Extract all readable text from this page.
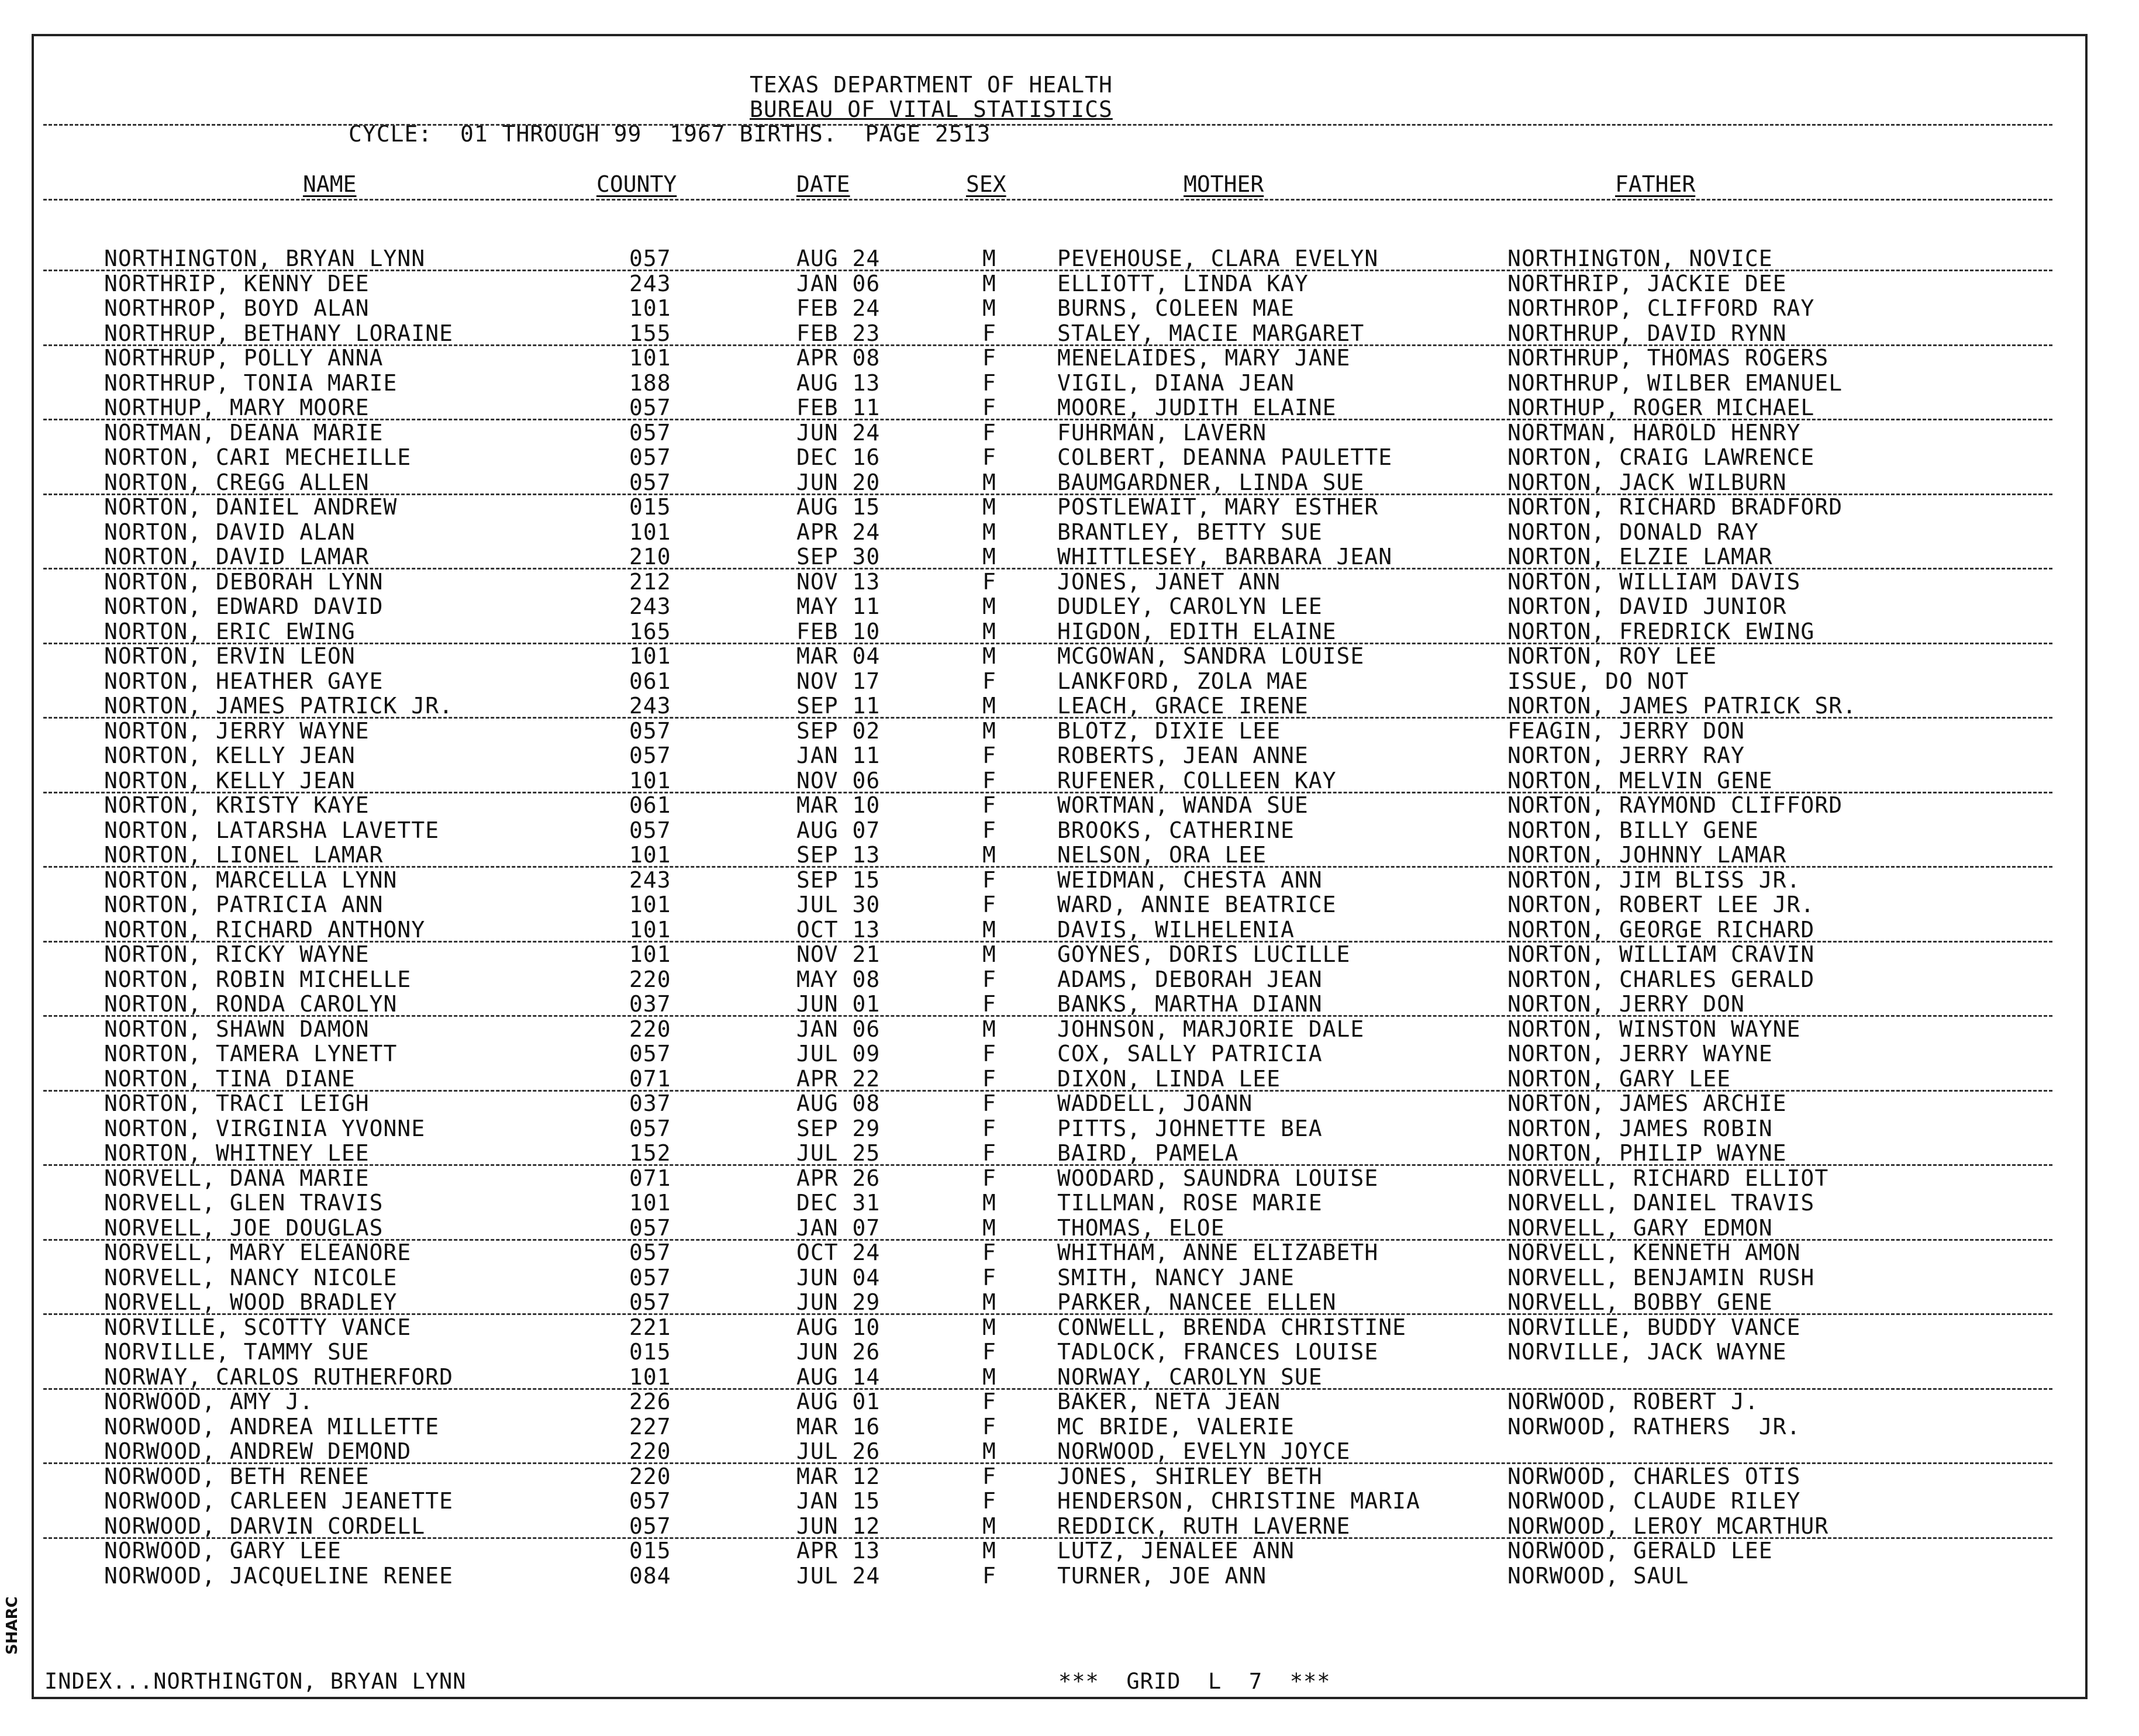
TEXAS DEPARTMENT OF HEALTH
BUREAU OF VITAL STATISTICS
CYCLE:  01 THROUGH 99  1967 BIRTHS.  PAGE 2513
NAME	COUNTY	DATE	SEX	MOTHER	FATHER
NORTHINGTON, BRYAN LYNN	057	AUG 24	M	PEVEHOUSE, CLARA EVELYN	NORTHINGTON, NOVICE
NORTHRIP, KENNY DEE	243	JAN 06	M	ELLIOTT, LINDA KAY	NORTHRIP, JACKIE DEE
NORTHROP, BOYD ALAN	101	FEB 24	M	BURNS, COLEEN MAE	NORTHROP, CLIFFORD RAY
NORTHRUP, BETHANY LORAINE	155	FEB 23	F	STALEY, MACIE MARGARET	NORTHRUP, DAVID RYNN
NORTHRUP, POLLY ANNA	101	APR 08	F	MENELAIDES, MARY JANE	NORTHRUP, THOMAS ROGERS
NORTHRUP, TONIA MARIE	188	AUG 13	F	VIGIL, DIANA JEAN	NORTHRUP, WILBER EMANUEL
NORTHUP, MARY MOORE	057	FEB 11	F	MOORE, JUDITH ELAINE	NORTHUP, ROGER MICHAEL
NORTMAN, DEANA MARIE	057	JUN 24	F	FUHRMAN, LAVERN	NORTMAN, HAROLD HENRY
NORTON, CARI MECHEILLE	057	DEC 16	F	COLBERT, DEANNA PAULETTE	NORTON, CRAIG LAWRENCE
NORTON, CREGG ALLEN	057	JUN 20	M	BAUMGARDNER, LINDA SUE	NORTON, JACK WILBURN
NORTON, DANIEL ANDREW	015	AUG 15	M	POSTLEWAIT, MARY ESTHER	NORTON, RICHARD BRADFORD
NORTON, DAVID ALAN	101	APR 24	M	BRANTLEY, BETTY SUE	NORTON, DONALD RAY
NORTON, DAVID LAMAR	210	SEP 30	M	WHITTLESEY, BARBARA JEAN	NORTON, ELZIE LAMAR
NORTON, DEBORAH LYNN	212	NOV 13	F	JONES, JANET ANN	NORTON, WILLIAM DAVIS
NORTON, EDWARD DAVID	243	MAY 11	M	DUDLEY, CAROLYN LEE	NORTON, DAVID JUNIOR
NORTON, ERIC EWING	165	FEB 10	M	HIGDON, EDITH ELAINE	NORTON, FREDRICK EWING
NORTON, ERVIN LEON	101	MAR 04	M	MCGOWAN, SANDRA LOUISE	NORTON, ROY LEE
NORTON, HEATHER GAYE	061	NOV 17	F	LANKFORD, ZOLA MAE	ISSUE, DO NOT
NORTON, JAMES PATRICK JR.	243	SEP 11	M	LEACH, GRACE IRENE	NORTON, JAMES PATRICK SR.
NORTON, JERRY WAYNE	057	SEP 02	M	BLOTZ, DIXIE LEE	FEAGIN, JERRY DON
NORTON, KELLY JEAN	057	JAN 11	F	ROBERTS, JEAN ANNE	NORTON, JERRY RAY
NORTON, KELLY JEAN	101	NOV 06	F	RUFENER, COLLEEN KAY	NORTON, MELVIN GENE
NORTON, KRISTY KAYE	061	MAR 10	F	WORTMAN, WANDA SUE	NORTON, RAYMOND CLIFFORD
NORTON, LATARSHA LAVETTE	057	AUG 07	F	BROOKS, CATHERINE	NORTON, BILLY GENE
NORTON, LIONEL LAMAR	101	SEP 13	M	NELSON, ORA LEE	NORTON, JOHNNY LAMAR
NORTON, MARCELLA LYNN	243	SEP 15	F	WEIDMAN, CHESTA ANN	NORTON, JIM BLISS JR.
NORTON, PATRICIA ANN	101	JUL 30	F	WARD, ANNIE BEATRICE	NORTON, ROBERT LEE JR.
NORTON, RICHARD ANTHONY	101	OCT 13	M	DAVIS, WILHELENIA	NORTON, GEORGE RICHARD
NORTON, RICKY WAYNE	101	NOV 21	M	GOYNES, DORIS LUCILLE	NORTON, WILLIAM CRAVIN
NORTON, ROBIN MICHELLE	220	MAY 08	F	ADAMS, DEBORAH JEAN	NORTON, CHARLES GERALD
NORTON, RONDA CAROLYN	037	JUN 01	F	BANKS, MARTHA DIANN	NORTON, JERRY DON
NORTON, SHAWN DAMON	220	JAN 06	M	JOHNSON, MARJORIE DALE	NORTON, WINSTON WAYNE
NORTON, TAMERA LYNETT	057	JUL 09	F	COX, SALLY PATRICIA	NORTON, JERRY WAYNE
NORTON, TINA DIANE	071	APR 22	F	DIXON, LINDA LEE	NORTON, GARY LEE
NORTON, TRACI LEIGH	037	AUG 08	F	WADDELL, JOANN	NORTON, JAMES ARCHIE
NORTON, VIRGINIA YVONNE	057	SEP 29	F	PITTS, JOHNETTE BEA	NORTON, JAMES ROBIN
NORTON, WHITNEY LEE	152	JUL 25	F	BAIRD, PAMELA	NORTON, PHILIP WAYNE
NORVELL, DANA MARIE	071	APR 26	F	WOODARD, SAUNDRA LOUISE	NORVELL, RICHARD ELLIOT
NORVELL, GLEN TRAVIS	101	DEC 31	M	TILLMAN, ROSE MARIE	NORVELL, DANIEL TRAVIS
NORVELL, JOE DOUGLAS	057	JAN 07	M	THOMAS, ELOE	NORVELL, GARY EDMON
NORVELL, MARY ELEANORE	057	OCT 24	F	WHITHAM, ANNE ELIZABETH	NORVELL, KENNETH AMON
NORVELL, NANCY NICOLE	057	JUN 04	F	SMITH, NANCY JANE	NORVELL, BENJAMIN RUSH
NORVELL, WOOD BRADLEY	057	JUN 29	M	PARKER, NANCEE ELLEN	NORVELL, BOBBY GENE
NORVILLE, SCOTTY VANCE	221	AUG 10	M	CONWELL, BRENDA CHRISTINE	NORVILLE, BUDDY VANCE
NORVILLE, TAMMY SUE	015	JUN 26	F	TADLOCK, FRANCES LOUISE	NORVILLE, JACK WAYNE
NORWAY, CARLOS RUTHERFORD	101	AUG 14	M	NORWAY, CAROLYN SUE
NORWOOD, AMY J.	226	AUG 01	F	BAKER, NETA JEAN	NORWOOD, ROBERT J.
NORWOOD, ANDREA MILLETTE	227	MAR 16	F	MC BRIDE, VALERIE	NORWOOD, RATHERS  JR.
NORWOOD, ANDREW DEMOND	220	JUL 26	M	NORWOOD, EVELYN JOYCE
NORWOOD, BETH RENEE	220	MAR 12	F	JONES, SHIRLEY BETH	NORWOOD, CHARLES OTIS
NORWOOD, CARLEEN JEANETTE	057	JAN 15	F	HENDERSON, CHRISTINE MARIA	NORWOOD, CLAUDE RILEY
NORWOOD, DARVIN CORDELL	057	JUN 12	M	REDDICK, RUTH LAVERNE	NORWOOD, LEROY MCARTHUR
NORWOOD, GARY LEE	015	APR 13	M	LUTZ, JENALEE ANN	NORWOOD, GERALD LEE
NORWOOD, JACQUELINE RENEE	084	JUL 24	F	TURNER, JOE ANN	NORWOOD, SAUL
INDEX...NORTHINGTON, BRYAN LYNN	***  GRID  L  7  ***
SHARC
